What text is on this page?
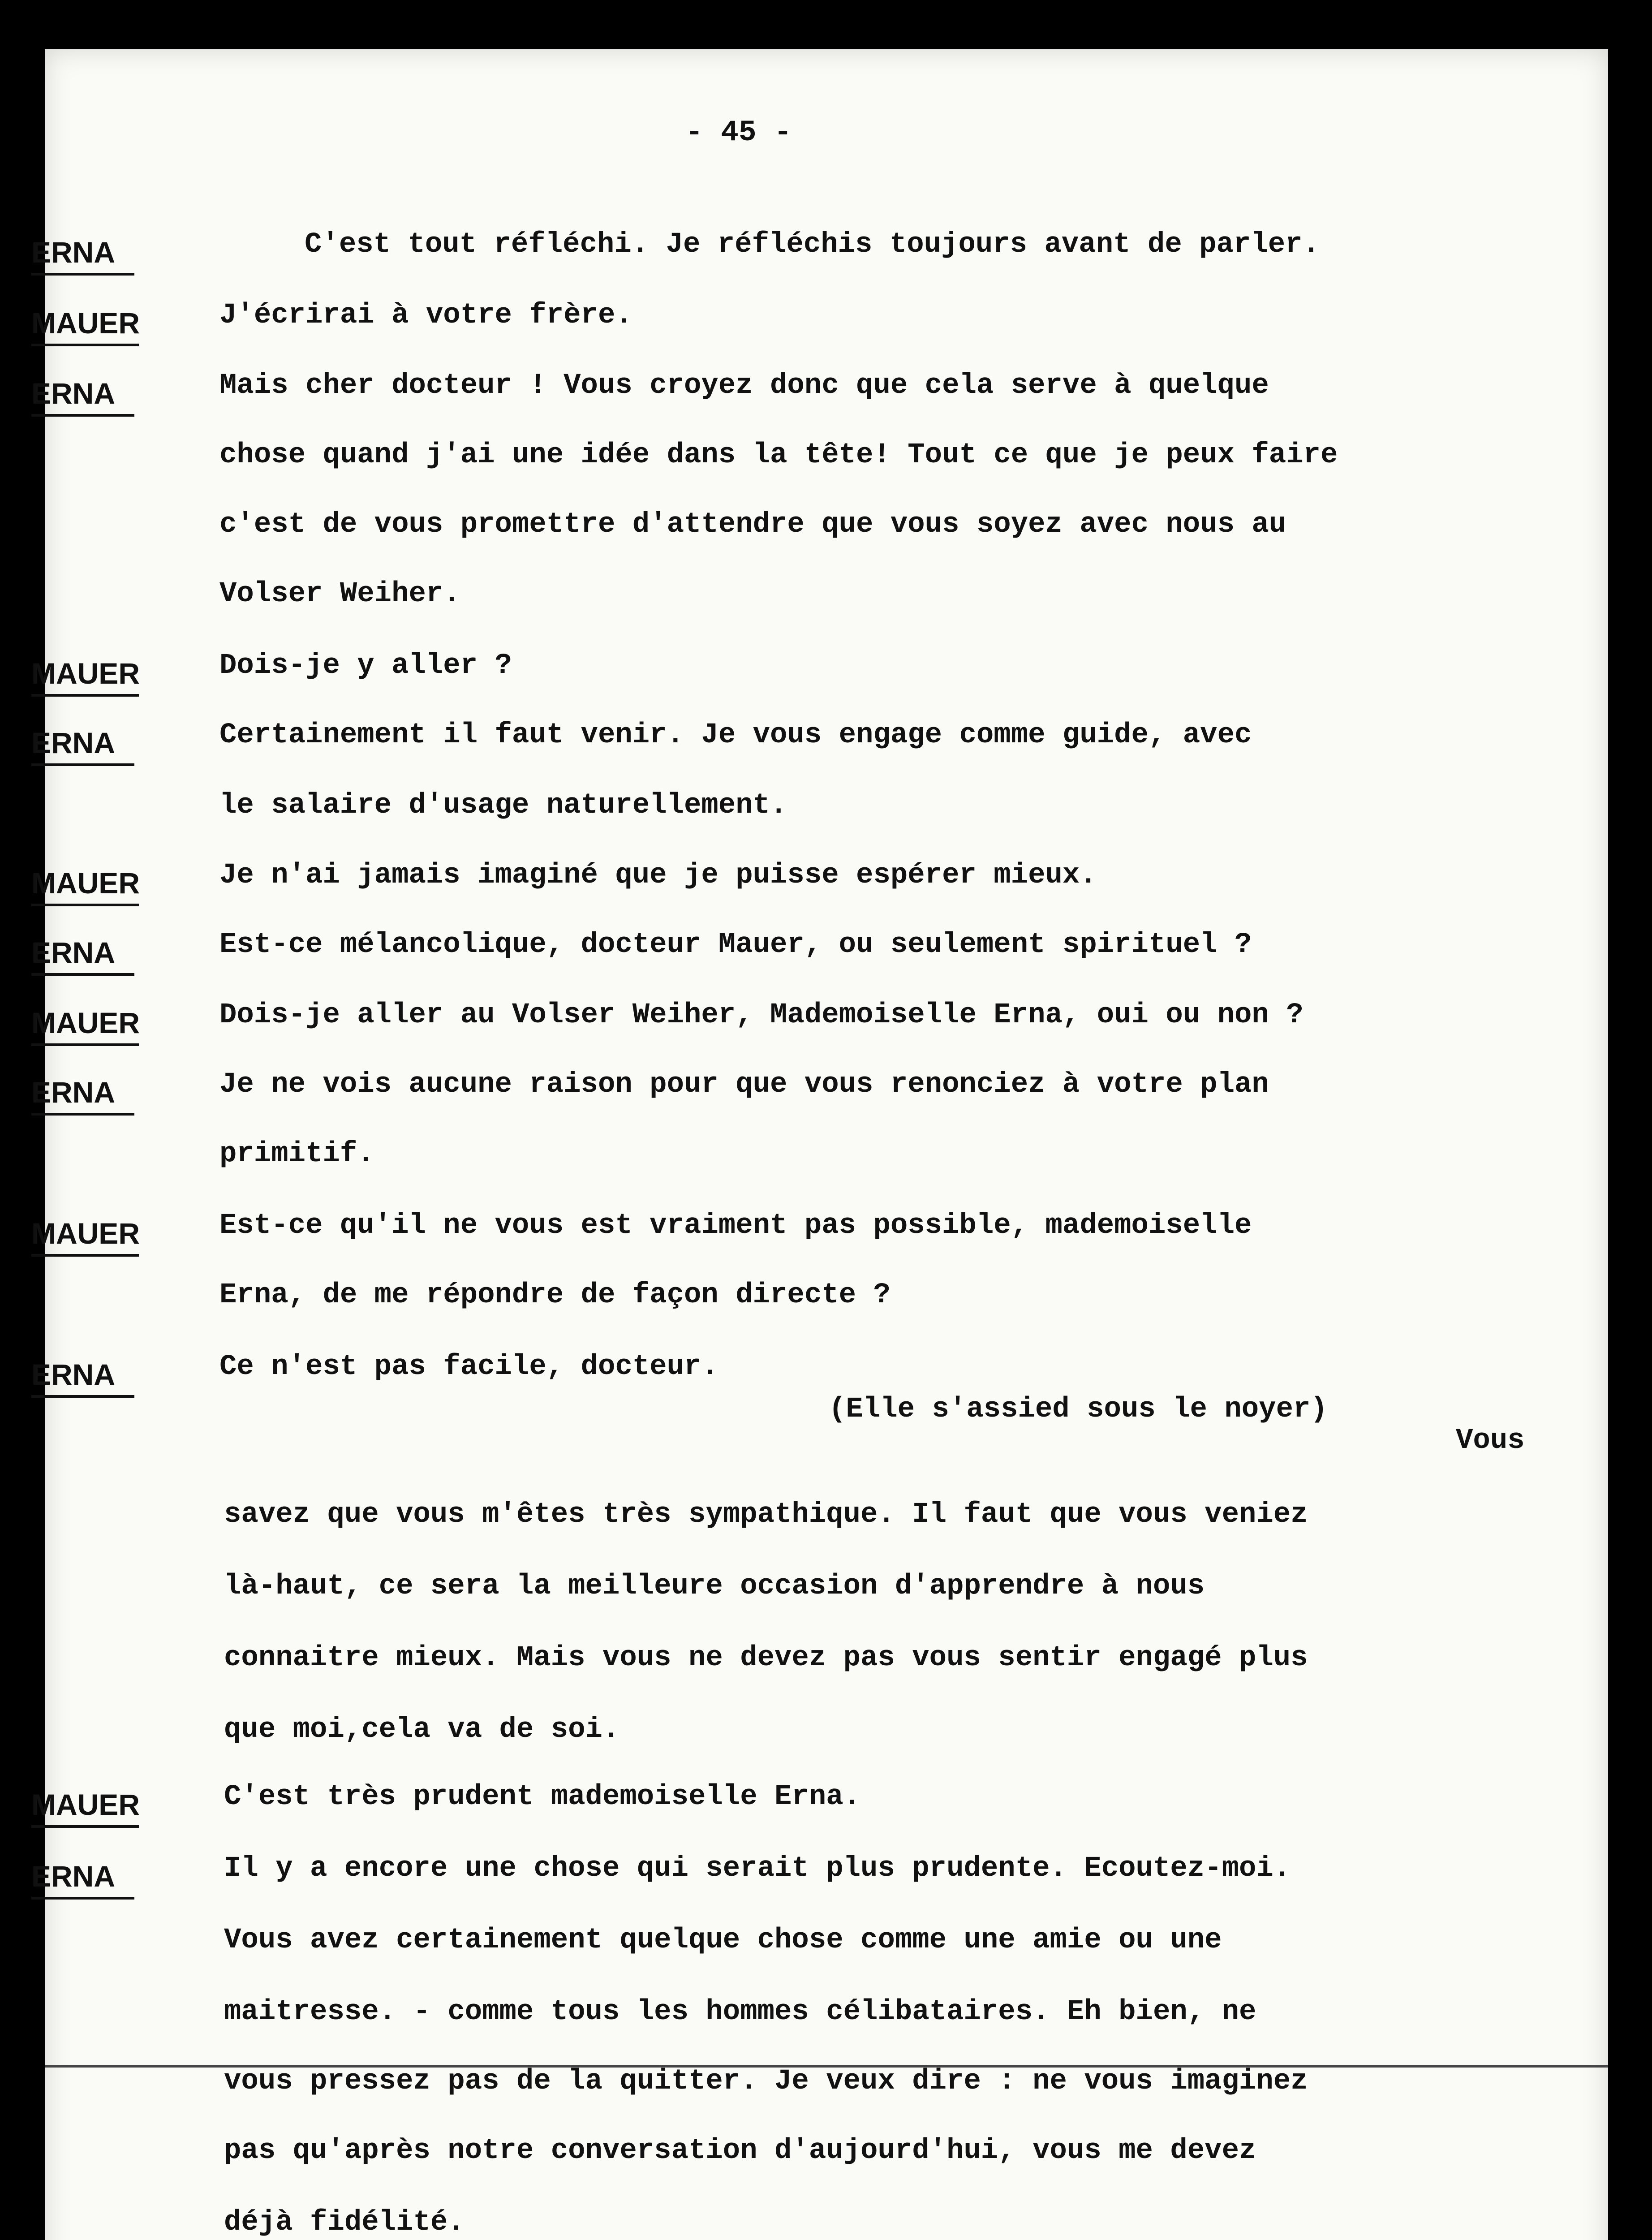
- 45 -
ERNA	C'est tout réfléchi. Je réfléchis toujours avant de parler.
MAUER	J'écrirai à votre frère.
ERNA	Mais cher docteur ! Vous croyez donc que cela serve à quelque
chose quand j'ai une idée dans la tête! Tout ce que je peux faire
c'est de vous promettre d'attendre que vous soyez avec nous au
Volser Weiher.
MAUER	Dois-je y aller ?
ERNA	Certainement il faut venir. Je vous engage comme guide, avec
le salaire d'usage naturellement.
MAUER	Je n'ai jamais imaginé que je puisse espérer mieux.
ERNA	Est-ce mélancolique, docteur Mauer, ou seulement spirituel ?
MAUER	Dois-je aller au Volser Weiher, Mademoiselle Erna, oui ou non ?
ERNA	Je ne vois aucune raison pour que vous renonciez à votre plan
primitif.
MAUER	Est-ce qu'il ne vous est vraiment pas possible, mademoiselle
Erna, de me répondre de façon directe ?
ERNA	Ce n'est pas facile, docteur.
(Elle s'assied sous le noyer)
Vous
savez que vous m'êtes très sympathique. Il faut que vous veniez
là-haut, ce sera la meilleure occasion d'apprendre à nous
connaitre mieux. Mais vous ne devez pas vous sentir engagé plus
que moi,cela va de soi.
MAUER	C'est très prudent mademoiselle Erna.
ERNA	Il y a encore une chose qui serait plus prudente. Ecoutez-moi.
Vous avez certainement quelque chose comme une amie ou une
maitresse. - comme tous les hommes célibataires. Eh bien, ne
vous pressez pas de la quitter. Je veux dire : ne vous imaginez
pas qu'après notre conversation d'aujourd'hui, vous me devez
déjà fidélité.
